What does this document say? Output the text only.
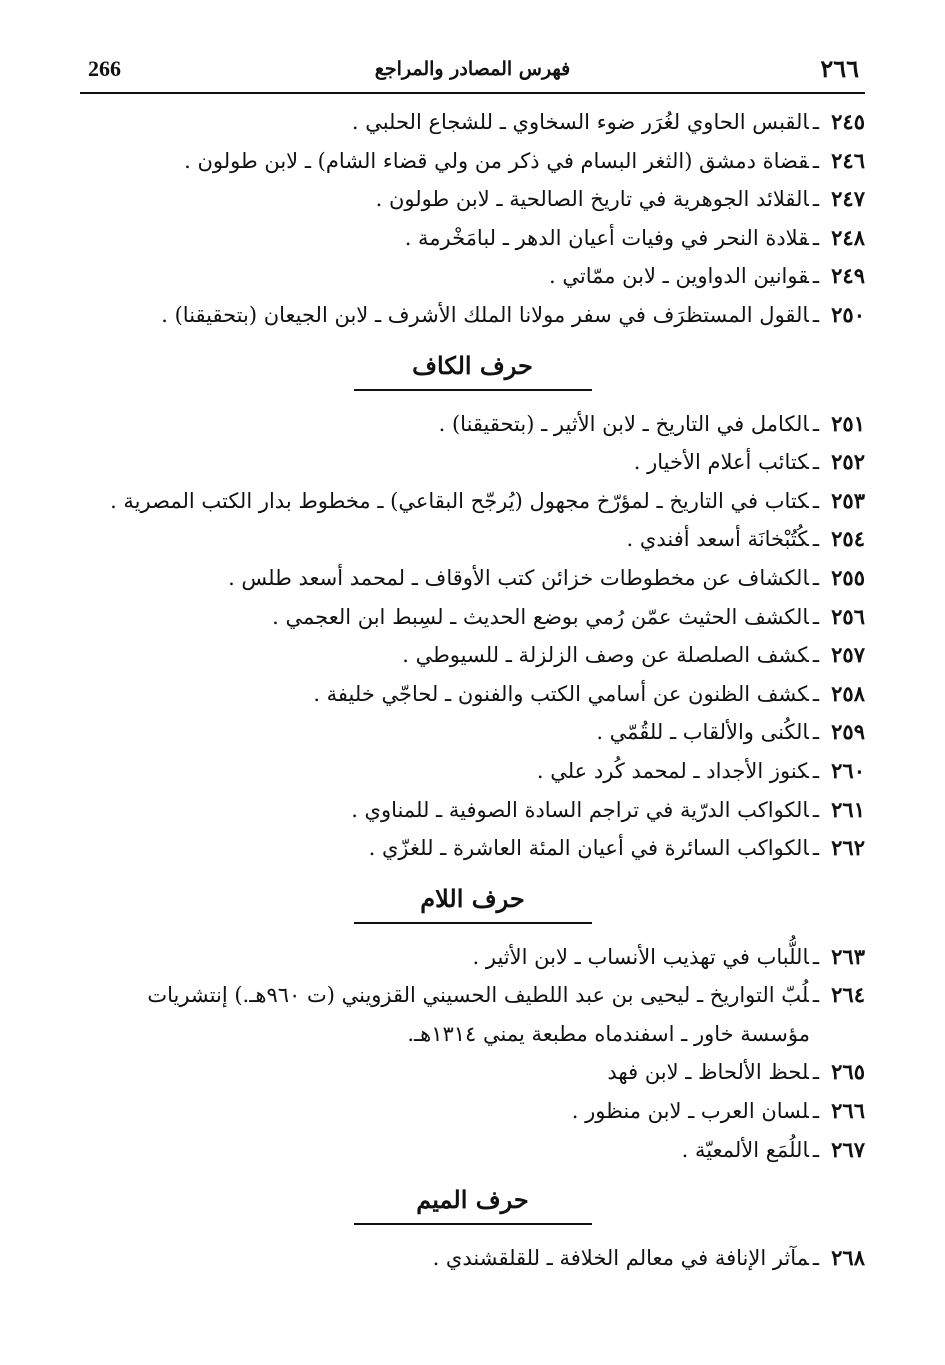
266	فهرس المصادر والمراجع	٢٦٦
٢٤٥ـالقبس الحاوي لغُرَر ضوء السخاوي ـ للشجاع الحلبي .
٢٤٦ـقضاة دمشق (الثغر البسام في ذكر من ولي قضاء الشام) ـ لابن طولون .
٢٤٧ـالقلائد الجوهرية في تاريخ الصالحية ـ لابن طولون .
٢٤٨ـقلادة النحر في وفيات أعيان الدهر ـ لبامَخْرمة .
٢٤٩ـقوانين الدواوين ـ لابن ممّاتي .
٢٥٠ـالقول المستظرَف في سفر مولانا الملك الأشرف ـ لابن الجيعان (بتحقيقنا) .
حرف الكاف
٢٥١ـالكامل في التاريخ ـ لابن الأثير ـ (بتحقيقنا) .
٢٥٢ـكتائب أعلام الأخيار .
٢٥٣ـكتاب في التاريخ ـ لمؤرّخ مجهول (يُرجّح البقاعي) ـ مخطوط بدار الكتب المصرية .
٢٥٤ـكُتُبْخانَة أسعد أفندي .
٢٥٥ـالكشاف عن مخطوطات خزائن كتب الأوقاف ـ لمحمد أسعد طلس .
٢٥٦ـالكشف الحثيث عمّن رُمي بوضع الحديث ـ لسِبط ابن العجمي .
٢٥٧ـكشف الصلصلة عن وصف الزلزلة ـ للسيوطي .
٢٥٨ـكشف الظنون عن أسامي الكتب والفنون ـ لحاجّي خليفة .
٢٥٩ـالكُنى والألقاب ـ للقُمّي .
٢٦٠ـكنوز الأجداد ـ لمحمد كُرد علي .
٢٦١ـالكواكب الدرّية في تراجم السادة الصوفية ـ للمناوي .
٢٦٢ـالكواكب السائرة في أعيان المئة العاشرة ـ للغزّي .
حرف اللام
٢٦٣ـاللُّباب في تهذيب الأنساب ـ لابن الأثير .
٢٦٤ـلُبّ التواريخ ـ ليحيى بن عبد اللطيف الحسيني القزويني (ت ٩٦٠هـ.) إنتشريات
مؤسسة خاور ـ اسفندماه مطبعة يمني ١٣١٤هـ.
٢٦٥ـلحظ الألحاظ ـ لابن فهد
٢٦٦ـلسان العرب ـ لابن منظور .
٢٦٧ـاللُمَع الألمعيّة .
حرف الميم
٢٦٨ـمآثر الإنافة في معالم الخلافة ـ للقلقشندي .
